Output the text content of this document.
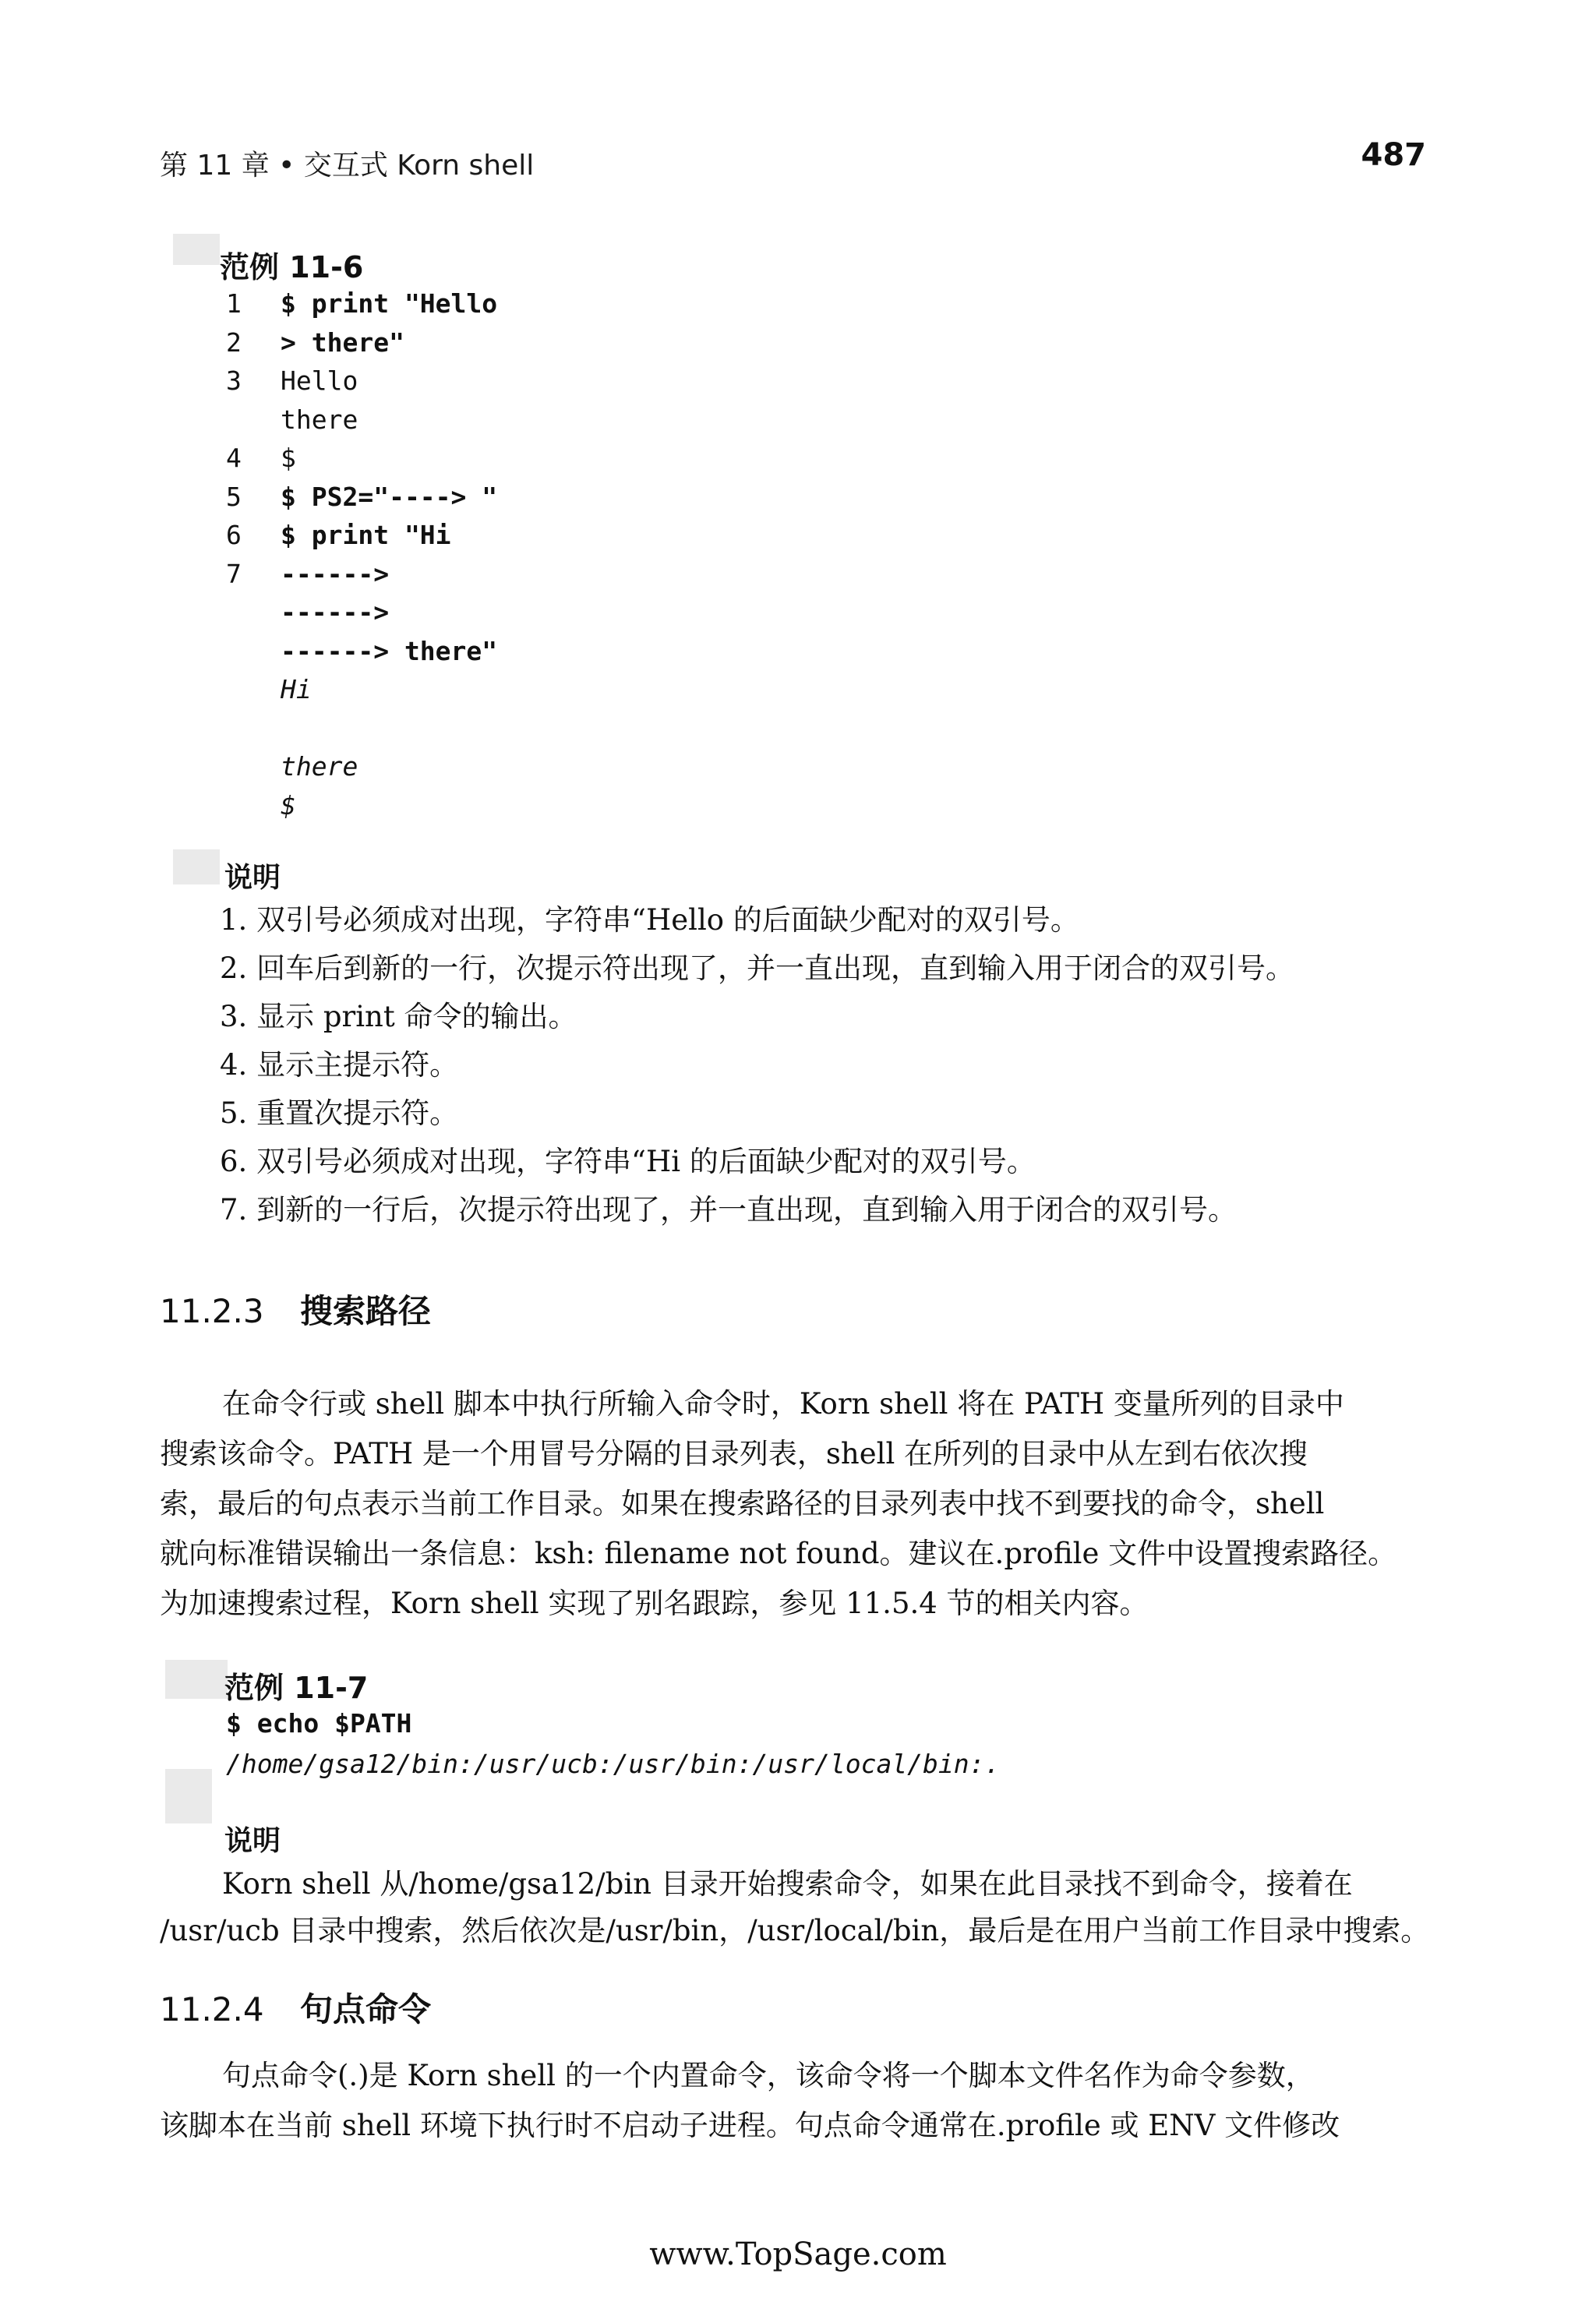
第 11 章 • 交互式 Korn shell	487
范例 11-6
1	$ print "Hello
2	> there"
3	Hello
there
4	$
5	$ PS2="----> "
6	$ print "Hi
7	------>
------>
------> there"
Hi
there
$
说明
1. 双引号必须成对出现，字符串“Hello 的后面缺少配对的双引号。
2. 回车后到新的一行，次提示符出现了，并一直出现，直到输入用于闭合的双引号。
3. 显示 print 命令的输出。
4. 显示主提示符。
5. 重置次提示符。
6. 双引号必须成对出现，字符串“Hi 的后面缺少配对的双引号。
7. 到新的一行后，次提示符出现了，并一直出现，直到输入用于闭合的双引号。
11.2.3 搜索路径
在命令行或 shell 脚本中执行所输入命令时，Korn shell 将在 PATH 变量所列的目录中
搜索该命令。PATH 是一个用冒号分隔的目录列表，shell 在所列的目录中从左到右依次搜
索，最后的句点表示当前工作目录。如果在搜索路径的目录列表中找不到要找的命令，shell
就向标准错误输出一条信息：ksh: filename not found。建议在.profile 文件中设置搜索路径。
为加速搜索过程，Korn shell 实现了别名跟踪，参见 11.5.4 节的相关内容。
范例 11-7
$ echo $PATH
/home/gsa12/bin:/usr/ucb:/usr/bin:/usr/local/bin:.
说明
Korn shell 从/home/gsa12/bin 目录开始搜索命令，如果在此目录找不到命令，接着在
/usr/ucb 目录中搜索，然后依次是/usr/bin，/usr/local/bin，最后是在用户当前工作目录中搜索。
11.2.4 句点命令
句点命令(.)是 Korn shell 的一个内置命令，该命令将一个脚本文件名作为命令参数，
该脚本在当前 shell 环境下执行时不启动子进程。句点命令通常在.profile 或 ENV 文件修改
www.TopSage.com
